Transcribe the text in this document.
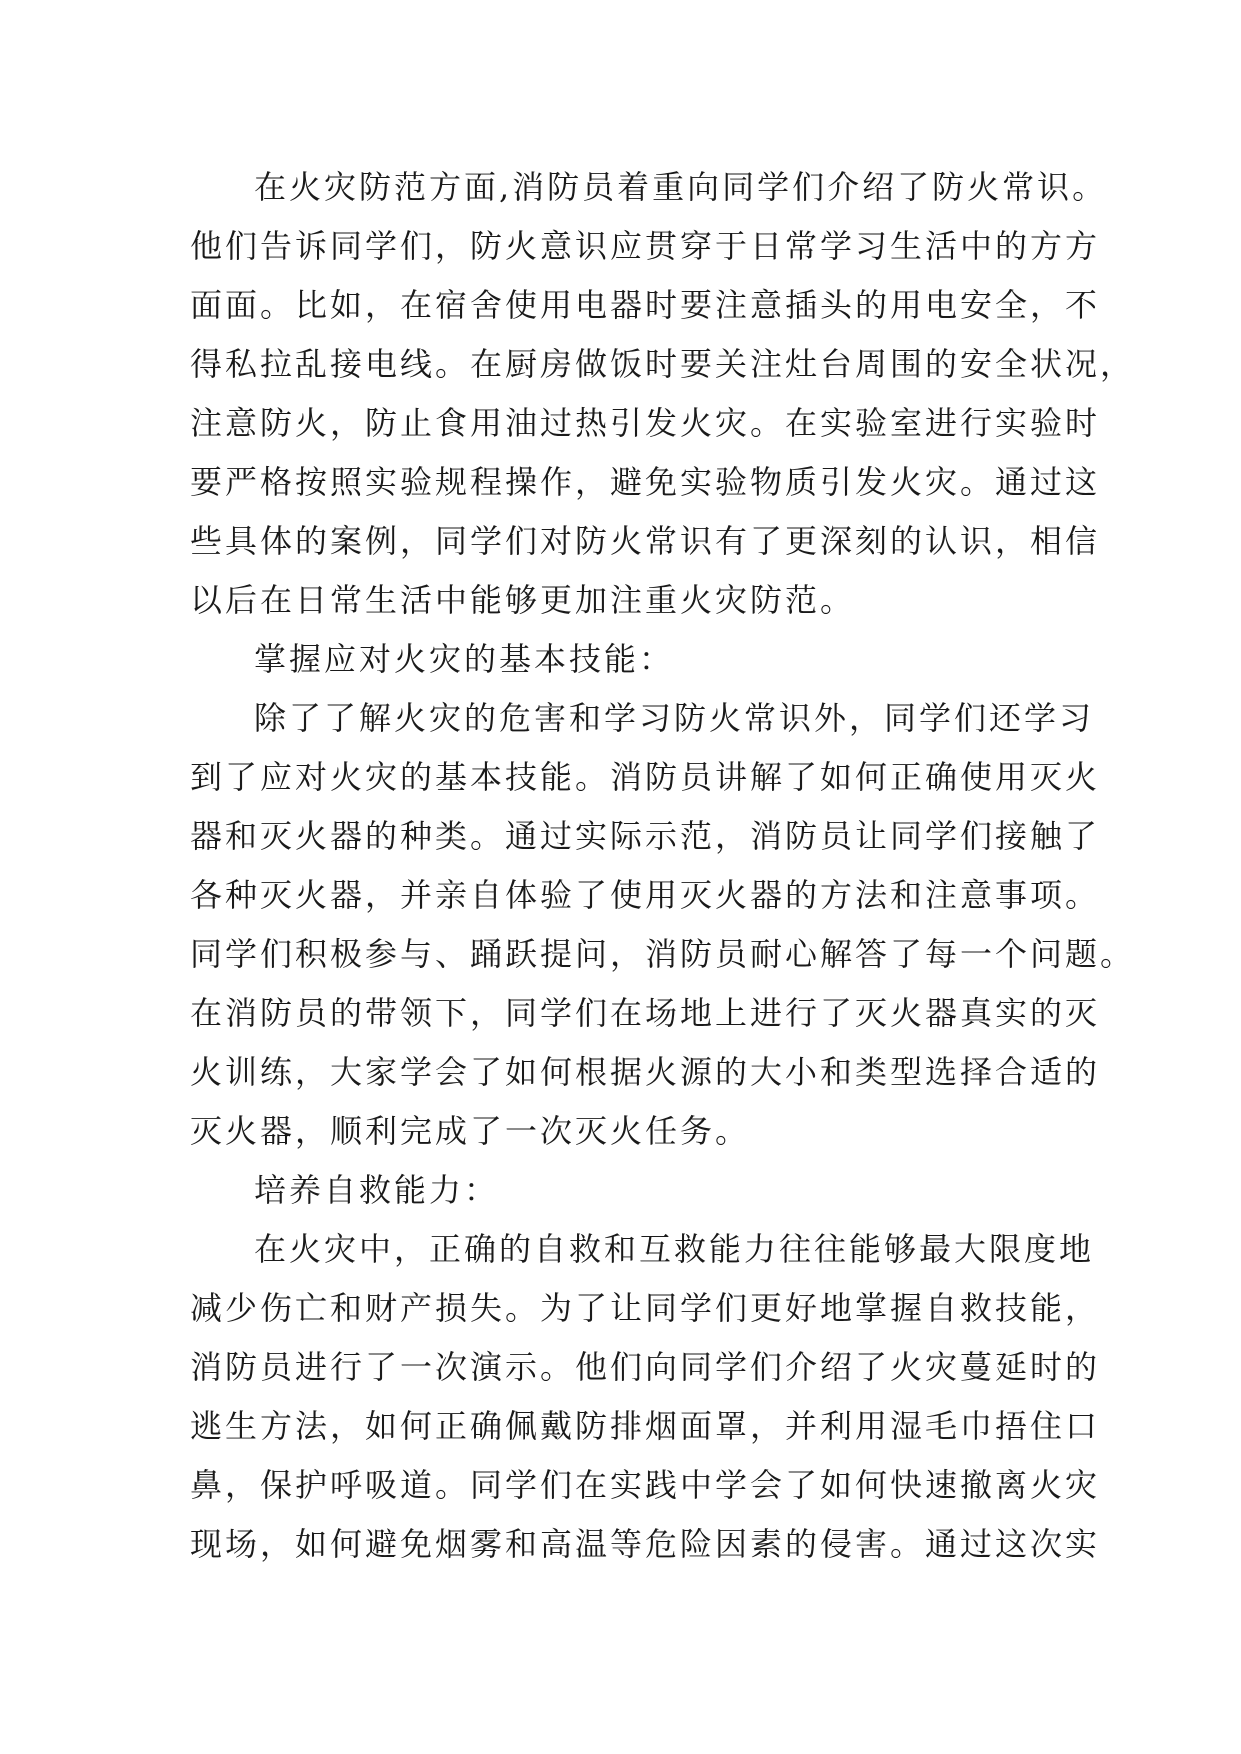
在火灾防范方面,消防员着重向同学们介绍了防火常识。
他们告诉同学们，防火意识应贯穿于日常学习生活中的方方
面面。比如，在宿舍使用电器时要注意插头的用电安全，不
得私拉乱接电线。在厨房做饭时要关注灶台周围的安全状况，
注意防火，防止食用油过热引发火灾。在实验室进行实验时
要严格按照实验规程操作，避免实验物质引发火灾。通过这
些具体的案例，同学们对防火常识有了更深刻的认识，相信
以后在日常生活中能够更加注重火灾防范。
掌握应对火灾的基本技能：
除了了解火灾的危害和学习防火常识外，同学们还学习
到了应对火灾的基本技能。消防员讲解了如何正确使用灭火
器和灭火器的种类。通过实际示范，消防员让同学们接触了
各种灭火器，并亲自体验了使用灭火器的方法和注意事项。
同学们积极参与、踊跃提问，消防员耐心解答了每一个问题。
在消防员的带领下，同学们在场地上进行了灭火器真实的灭
火训练，大家学会了如何根据火源的大小和类型选择合适的
灭火器，顺利完成了一次灭火任务。
培养自救能力：
在火灾中，正确的自救和互救能力往往能够最大限度地
减少伤亡和财产损失。为了让同学们更好地掌握自救技能，
消防员进行了一次演示。他们向同学们介绍了火灾蔓延时的
逃生方法，如何正确佩戴防排烟面罩，并利用湿毛巾捂住口
鼻，保护呼吸道。同学们在实践中学会了如何快速撤离火灾
现场，如何避免烟雾和高温等危险因素的侵害。通过这次实
